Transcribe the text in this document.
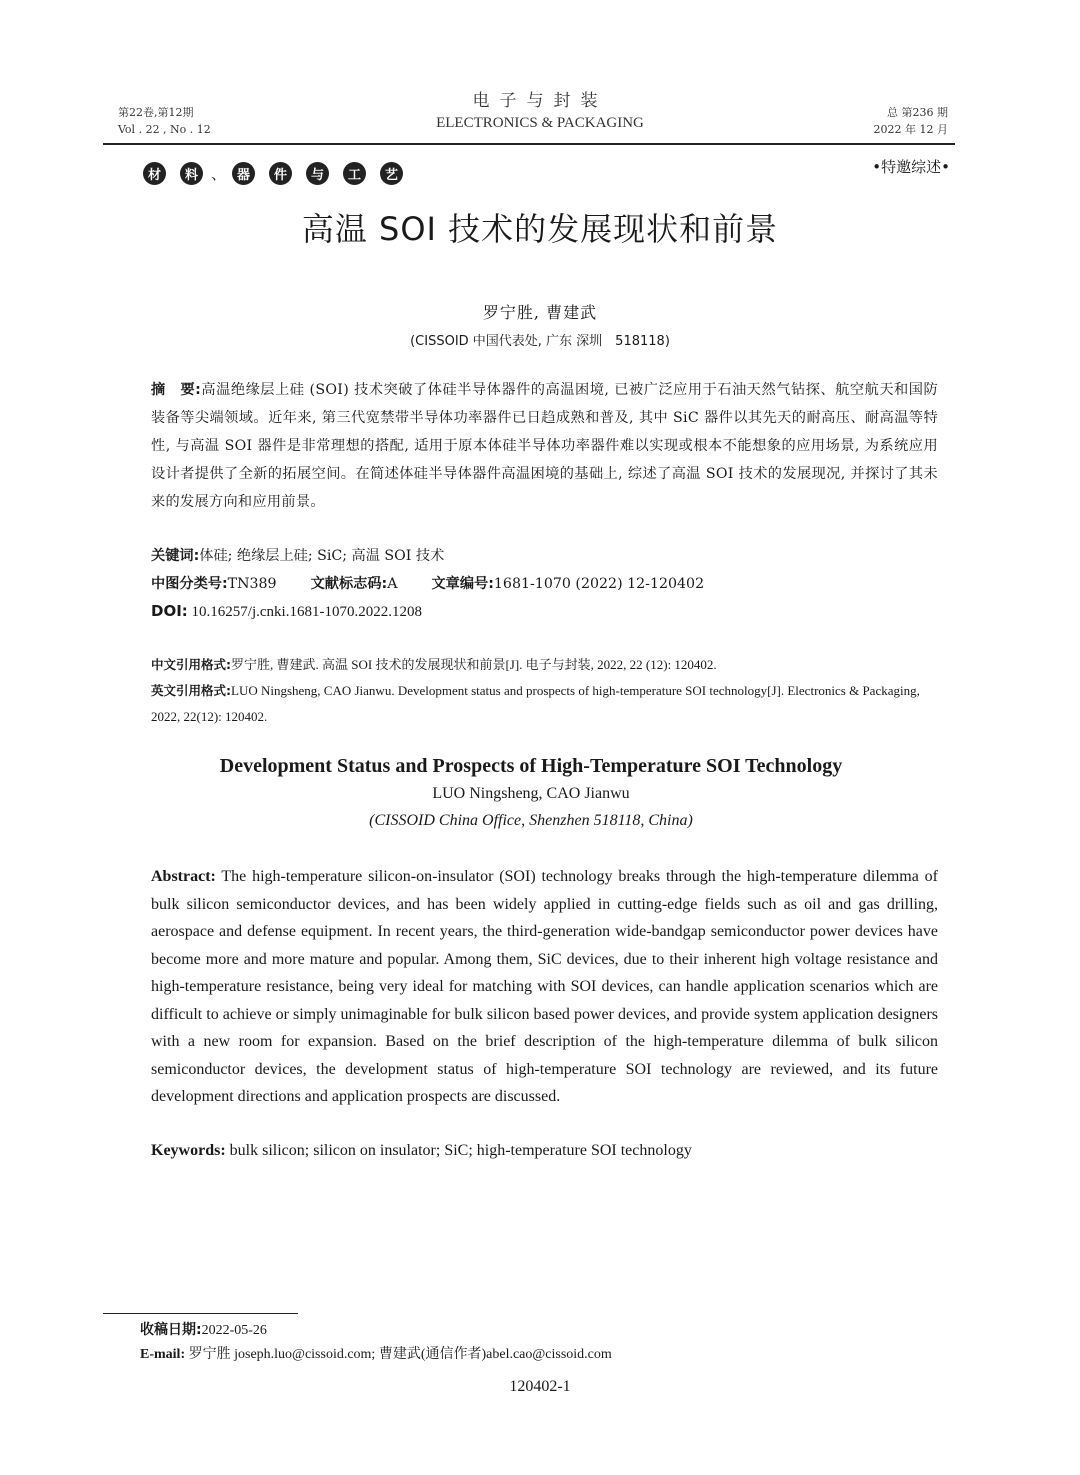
第22卷,第12期
Vol . 22 , No . 12
电子与封装
ELECTRONICS & PACKAGING
总 第236 期
2022 年 12 月
材	料 、 器	件	与	工	艺	•特邀综述•
高温 SOI 技术的发展现状和前景
罗宁胜, 曹建武
(CISSOID 中国代表处, 广东 深圳　518118)
摘　要:高温绝缘层上硅 (SOI) 技术突破了体硅半导体器件的高温困境, 已被广泛应用于石油天然气钻探、航空航天和国防装备等尖端领域。近年来, 第三代宽禁带半导体功率器件已日趋成熟和普及, 其中 SiC 器件以其先天的耐高压、耐高温等特性, 与高温 SOI 器件是非常理想的搭配, 适用于原本体硅半导体功率器件难以实现或根本不能想象的应用场景, 为系统应用设计者提供了全新的拓展空间。在简述体硅半导体器件高温困境的基础上, 综述了高温 SOI 技术的发展现况, 并探讨了其未来的发展方向和应用前景。
关键词:体硅; 绝缘层上硅; SiC; 高温 SOI 技术
中图分类号:TN389 文献标志码:A 文章编号:1681-1070 (2022) 12-120402
DOI: 10.16257/j.cnki.1681-1070.2022.1208
中文引用格式:罗宁胜, 曹建武. 高温 SOI 技术的发展现状和前景[J]. 电子与封装, 2022, 22 (12): 120402.
英文引用格式:LUO Ningsheng, CAO Jianwu. Development status and prospects of high-temperature SOI technology[J]. Electronics & Packaging, 2022, 22(12): 120402.
Development Status and Prospects of High-Temperature SOI Technology
LUO Ningsheng, CAO Jianwu
(CISSOID China Office, Shenzhen 518118, China)
Abstract: The high-temperature silicon-on-insulator (SOI) technology breaks through the high-temperature dilemma of bulk silicon semiconductor devices, and has been widely applied in cutting-edge fields such as oil and gas drilling, aerospace and defense equipment. In recent years, the third-generation wide-bandgap semiconductor power devices have become more and more mature and popular. Among them, SiC devices, due to their inherent high voltage resistance and high-temperature resistance, being very ideal for matching with SOI devices, can handle application scenarios which are difficult to achieve or simply unimaginable for bulk silicon based power devices, and provide system application designers with a new room for expansion. Based on the brief description of the high-temperature dilemma of bulk silicon semiconductor devices, the development status of high-temperature SOI technology are reviewed, and its future development directions and application prospects are discussed.
Keywords: bulk silicon; silicon on insulator; SiC; high-temperature SOI technology
收稿日期:2022-05-26
E-mail: 罗宁胜 joseph.luo@cissoid.com; 曹建武(通信作者)abel.cao@cissoid.com
120402-1
